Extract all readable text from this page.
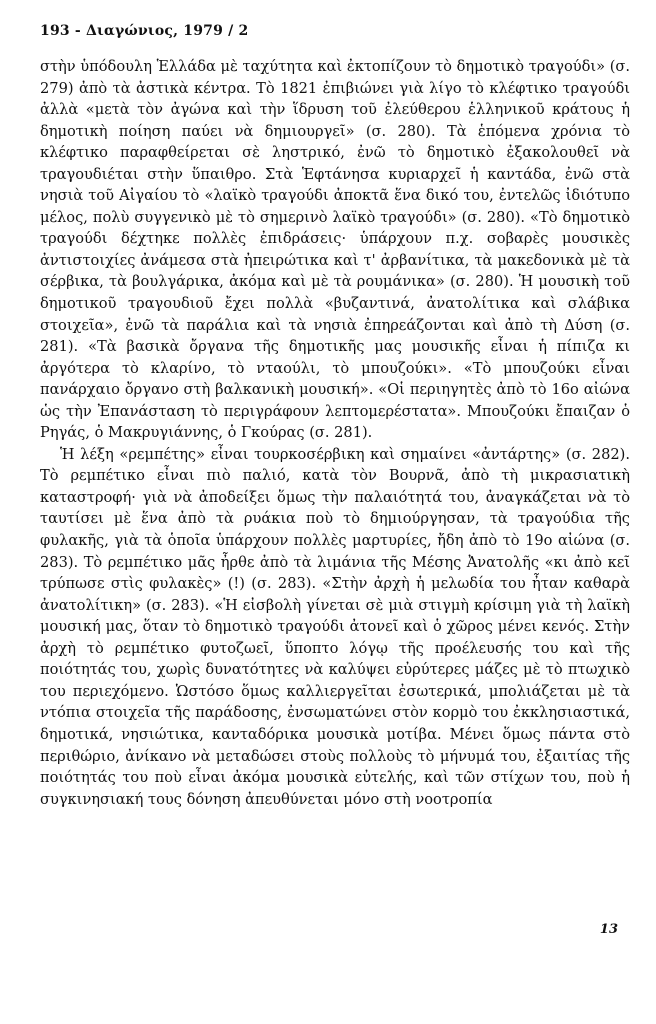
193 - Διαγώνιος, 1979 / 2

στὴν ὑπόδουλη Ἑλλάδα μὲ ταχύτητα καὶ ἐκτοπίζουν τὸ δημοτικὸ τραγούδι» (σ. 279) ἀπὸ τὰ ἀστικὰ κέντρα. Τὸ 1821 ἐπιβιώνει γιὰ λίγο τὸ κλέφτικο τραγούδι ἀλλὰ «μετὰ τὸν ἀγώνα καὶ τὴν ἵδρυση τοῦ ἐλεύθερου ἑλληνικοῦ κράτους ἡ δημοτικὴ ποίηση παύει νὰ δημιουργεῖ» (σ. 280). Τὰ ἑπόμενα χρόνια τὸ κλέφτικο παραφθείρεται σὲ ληστρικό, ἐνῶ τὸ δημοτικὸ ἐξακολουθεῖ νὰ τραγουδιέται στὴν ὕπαιθρο. Στὰ Ἑφτάνησα κυριαρχεῖ ἡ καντάδα, ἐνῶ στὰ νησιὰ τοῦ Αἰγαίου τὸ «λαϊκὸ τραγούδι ἀποκτᾶ ἕνα δικό του, ἐντελῶς ἰδιότυπο μέλος, πολὺ συγγενικὸ μὲ τὸ σημερινὸ λαϊκὸ τραγούδι» (σ. 280). «Τὸ δημοτικὸ τραγούδι δέχτηκε πολλὲς ἐπιδράσεις· ὑπάρχουν π.χ. σοβαρὲς μουσικὲς ἀντιστοιχίες ἀνάμεσα στὰ ἠπειρώτικα καὶ τ' ἀρβανίτικα, τὰ μακεδονικὰ μὲ τὰ σέρβικα, τὰ βουλγάρικα, ἀκόμα καὶ μὲ τὰ ρουμάνικα» (σ. 280). Ἡ μουσικὴ τοῦ δημοτικοῦ τραγουδιοῦ ἔχει πολλὰ «βυζαντινά, ἀνατολίτικα καὶ σλάβικα στοιχεῖα», ἐνῶ τὰ παράλια καὶ τὰ νησιὰ ἐπηρεάζονται καὶ ἀπὸ τὴ Δύση (σ. 281). «Τὰ βασικὰ ὄργανα τῆς δημοτικῆς μας μουσικῆς εἶναι ἡ πίπιζα κι ἀργότερα τὸ κλαρίνο, τὸ νταούλι, τὸ μπουζούκι». «Τὸ μπουζούκι εἶναι πανάρχαιο ὄργανο στὴ βαλκανικὴ μουσική». «Οἱ περιηγητὲς ἀπὸ τὸ 16ο αἰώνα ὡς τὴν Ἐπανάσταση τὸ περιγράφουν λεπτομερέστατα». Μπουζούκι ἔπαιζαν ὁ Ρηγάς, ὁ Μακρυγιάννης, ὁ Γκούρας (σ. 281).

Ἡ λέξη «ρεμπέτης» εἶναι τουρκοσέρβικη καὶ σημαίνει «ἀντάρτης» (σ. 282). Τὸ ρεμπέτικο εἶναι πιὸ παλιό, κατὰ τὸν Βουρνᾶ, ἀπὸ τὴ μικρασιατικὴ καταστροφή· γιὰ νὰ ἀποδείξει ὅμως τὴν παλαιότητά του, ἀναγκάζεται νὰ τὸ ταυτίσει μὲ ἕνα ἀπὸ τὰ ρυάκια ποὺ τὸ δημιούργησαν, τὰ τραγούδια τῆς φυλακῆς, γιὰ τὰ ὁποῖα ὑπάρχουν πολλὲς μαρτυρίες, ἤδη ἀπὸ τὸ 19ο αἰώνα (σ. 283). Τὸ ρεμπέτικο μᾶς ἦρθε ἀπὸ τὰ λιμάνια τῆς Μέσης Ἀνατολῆς «κι ἀπὸ κεῖ τρύπωσε στὶς φυλακὲς» (!) (σ. 283). «Στὴν ἀρχὴ ἡ μελωδία του ἦταν καθαρὰ ἀνατολίτικη» (σ. 283). «Ἡ εἰσβολὴ γίνεται σὲ μιὰ στιγμὴ κρίσιμη γιὰ τὴ λαϊκὴ μουσική μας, ὅταν τὸ δημοτικὸ τραγούδι ἀτονεῖ καὶ ὁ χῶρος μένει κενός. Στὴν ἀρχὴ τὸ ρεμπέτικο φυτοζωεῖ, ὕποπτο λόγῳ τῆς προέλευσής του καὶ τῆς ποιότητάς του, χωρὶς δυνατότητες νὰ καλύψει εὐρύτερες μάζες μὲ τὸ πτωχικὸ του περιεχόμενο. Ὡστόσο ὅμως καλλιεργεῖται ἐσωτερικά, μπολιάζεται μὲ τὰ ντόπια στοιχεῖα τῆς παράδοσης, ἐνσωματώνει στὸν κορμὸ του ἐκκλησιαστικά, δημοτικά, νησιώτικα, κανταδόρικα μουσικὰ μοτίβα. Μένει ὅμως πάντα στὸ περιθώριο, ἀνίκανο νὰ μεταδώσει στοὺς πολλοὺς τὸ μήνυμά του, ἐξαιτίας τῆς ποιότητάς του ποὺ εἶναι ἀκόμα μουσικὰ εὐτελής, καὶ τῶν στίχων του, ποὺ ἡ συγκινησιακή τους δόνηση ἀπευθύνεται μόνο στὴ νοοτροπία

13
